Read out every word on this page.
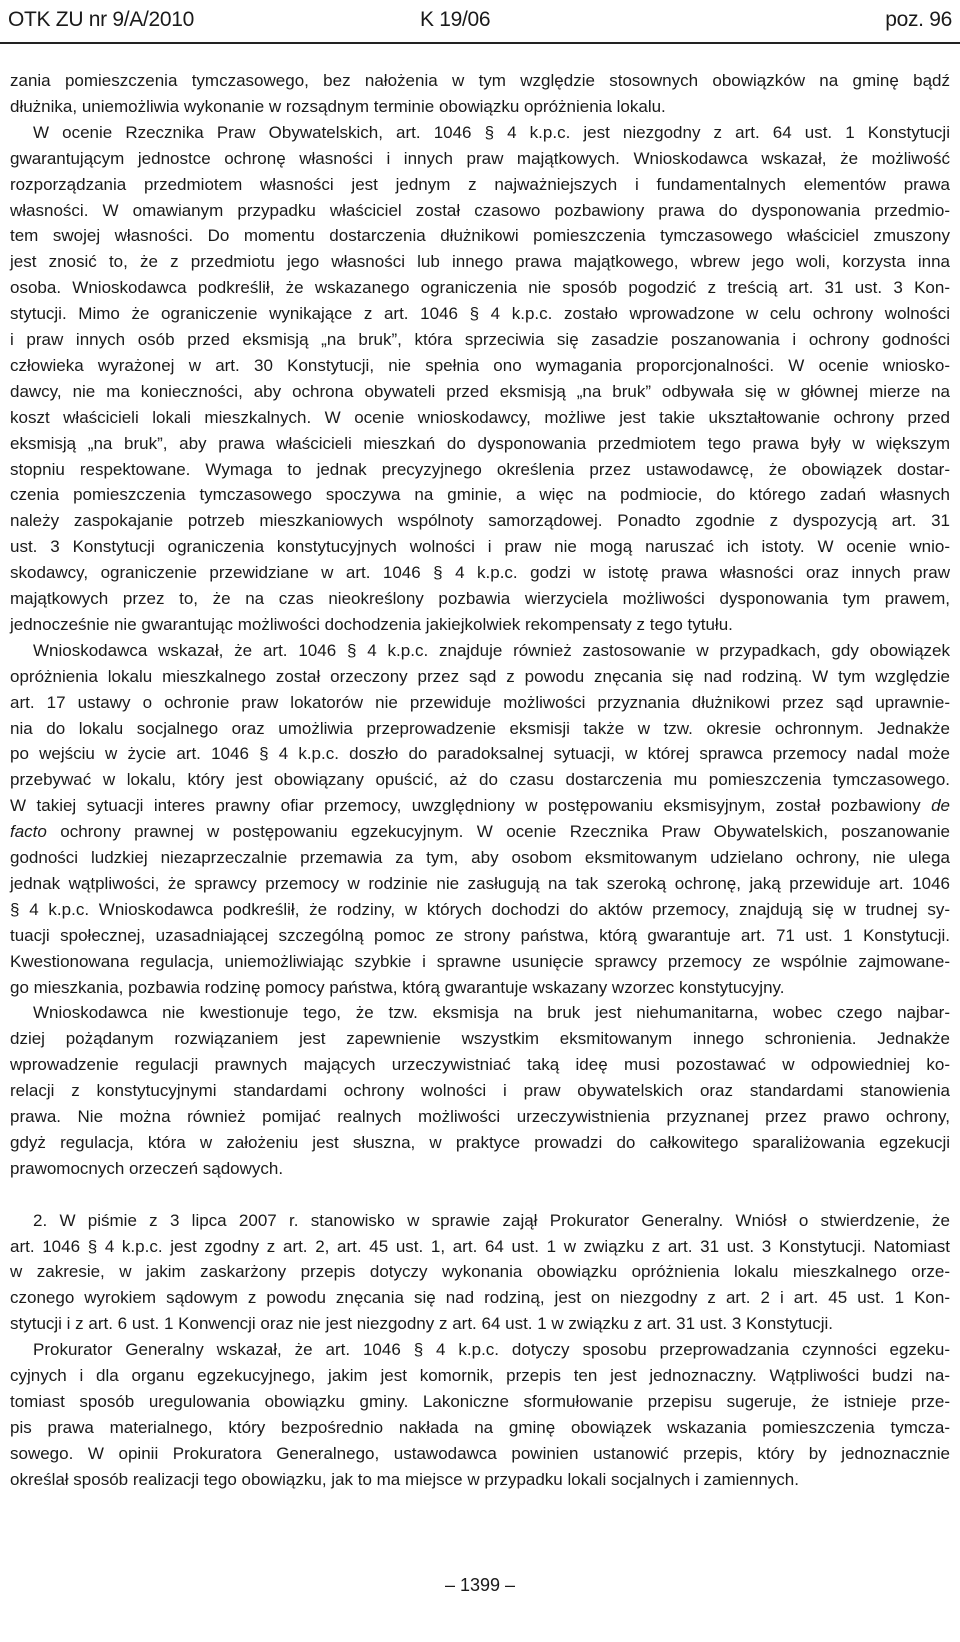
OTK ZU nr 9/A/2010	K 19/06	poz. 96
zania pomieszczenia tymczasowego, bez nałożenia w tym względzie stosownych obowiązków na gminę bądź
dłużnika, uniemożliwia wykonanie w rozsądnym terminie obowiązku opróżnienia lokalu.
W ocenie Rzecznika Praw Obywatelskich, art. 1046 § 4 k.p.c. jest niezgodny z art. 64 ust. 1 Konstytucji
gwarantującym jednostce ochronę własności i innych praw majątkowych. Wnioskodawca wskazał, że możliwość
rozporządzania przedmiotem własności jest jednym z najważniejszych i fundamentalnych elementów prawa
własności. W omawianym przypadku właściciel został czasowo pozbawiony prawa do dysponowania przedmio-
tem swojej własności. Do momentu dostarczenia dłużnikowi pomieszczenia tymczasowego właściciel zmuszony
jest znosić to, że z przedmiotu jego własności lub innego prawa majątkowego, wbrew jego woli, korzysta inna
osoba. Wnioskodawca podkreślił, że wskazanego ograniczenia nie sposób pogodzić z treścią art. 31 ust. 3 Kon-
stytucji. Mimo że ograniczenie wynikające z art. 1046 § 4 k.p.c. zostało wprowadzone w celu ochrony wolności
i praw innych osób przed eksmisją „na bruk”, która sprzeciwia się zasadzie poszanowania i ochrony godności
człowieka wyrażonej w art. 30 Konstytucji, nie spełnia ono wymagania proporcjonalności. W ocenie wniosko-
dawcy, nie ma konieczności, aby ochrona obywateli przed eksmisją „na bruk” odbywała się w głównej mierze na
koszt właścicieli lokali mieszkalnych. W ocenie wnioskodawcy, możliwe jest takie ukształtowanie ochrony przed
eksmisją „na bruk”, aby prawa właścicieli mieszkań do dysponowania przedmiotem tego prawa były w większym
stopniu respektowane. Wymaga to jednak precyzyjnego określenia przez ustawodawcę, że obowiązek dostar-
czenia pomieszczenia tymczasowego spoczywa na gminie, a więc na podmiocie, do którego zadań własnych
należy zaspokajanie potrzeb mieszkaniowych wspólnoty samorządowej. Ponadto zgodnie z dyspozycją art. 31
ust. 3 Konstytucji ograniczenia konstytucyjnych wolności i praw nie mogą naruszać ich istoty. W ocenie wnio-
skodawcy, ograniczenie przewidziane w art. 1046 § 4 k.p.c. godzi w istotę prawa własności oraz innych praw
majątkowych przez to, że na czas nieokreślony pozbawia wierzyciela możliwości dysponowania tym prawem,
jednocześnie nie gwarantując możliwości dochodzenia jakiejkolwiek rekompensaty z tego tytułu.
Wnioskodawca wskazał, że art. 1046 § 4 k.p.c. znajduje również zastosowanie w przypadkach, gdy obowiązek
opróżnienia lokalu mieszkalnego został orzeczony przez sąd z powodu znęcania się nad rodziną. W tym względzie
art. 17 ustawy o ochronie praw lokatorów nie przewiduje możliwości przyznania dłużnikowi przez sąd uprawnie-
nia do lokalu socjalnego oraz umożliwia przeprowadzenie eksmisji także w tzw. okresie ochronnym. Jednakże
po wejściu w życie art. 1046 § 4 k.p.c. doszło do paradoksalnej sytuacji, w której sprawca przemocy nadal może
przebywać w lokalu, który jest obowiązany opuścić, aż do czasu dostarczenia mu pomieszczenia tymczasowego.
W takiej sytuacji interes prawny ofiar przemocy, uwzględniony w postępowaniu eksmisyjnym, został pozbawiony de
facto ochrony prawnej w postępowaniu egzekucyjnym. W ocenie Rzecznika Praw Obywatelskich, poszanowanie
godności ludzkiej niezaprzeczalnie przemawia za tym, aby osobom eksmitowanym udzielano ochrony, nie ulega
jednak wątpliwości, że sprawcy przemocy w rodzinie nie zasługują na tak szeroką ochronę, jaką przewiduje art. 1046
§ 4 k.p.c. Wnioskodawca podkreślił, że rodziny, w których dochodzi do aktów przemocy, znajdują się w trudnej sy-
tuacji społecznej, uzasadniającej szczególną pomoc ze strony państwa, którą gwarantuje art. 71 ust. 1 Konstytucji.
Kwestionowana regulacja, uniemożliwiając szybkie i sprawne usunięcie sprawcy przemocy ze wspólnie zajmowane-
go mieszkania, pozbawia rodzinę pomocy państwa, którą gwarantuje wskazany wzorzec konstytucyjny.
Wnioskodawca nie kwestionuje tego, że tzw. eksmisja na bruk jest niehumanitarna, wobec czego najbar-
dziej pożądanym rozwiązaniem jest zapewnienie wszystkim eksmitowanym innego schronienia. Jednakże
wprowadzenie regulacji prawnych mających urzeczywistniać taką ideę musi pozostawać w odpowiedniej ko-
relacji z konstytucyjnymi standardami ochrony wolności i praw obywatelskich oraz standardami stanowienia
prawa. Nie można również pomijać realnych możliwości urzeczywistnienia przyznanej przez prawo ochrony,
gdyż regulacja, która w założeniu jest słuszna, w praktyce prowadzi do całkowitego sparaliżowania egzekucji
prawomocnych orzeczeń sądowych.
2. W piśmie z 3 lipca 2007 r. stanowisko w sprawie zajął Prokurator Generalny. Wniósł o stwierdzenie, że
art. 1046 § 4 k.p.c. jest zgodny z art. 2, art. 45 ust. 1, art. 64 ust. 1 w związku z art. 31 ust. 3 Konstytucji. Natomiast
w zakresie, w jakim zaskarżony przepis dotyczy wykonania obowiązku opróżnienia lokalu mieszkalnego orze-
czonego wyrokiem sądowym z powodu znęcania się nad rodziną, jest on niezgodny z art. 2 i art. 45 ust. 1 Kon-
stytucji i z art. 6 ust. 1 Konwencji oraz nie jest niezgodny z art. 64 ust. 1 w związku z art. 31 ust. 3 Konstytucji.
Prokurator Generalny wskazał, że art. 1046 § 4 k.p.c. dotyczy sposobu przeprowadzania czynności egzeku-
cyjnych i dla organu egzekucyjnego, jakim jest komornik, przepis ten jest jednoznaczny. Wątpliwości budzi na-
tomiast sposób uregulowania obowiązku gminy. Lakoniczne sformułowanie przepisu sugeruje, że istnieje prze-
pis prawa materialnego, który bezpośrednio nakłada na gminę obowiązek wskazania pomieszczenia tymcza-
sowego. W opinii Prokuratora Generalnego, ustawodawca powinien ustanowić przepis, który by jednoznacznie
określał sposób realizacji tego obowiązku, jak to ma miejsce w przypadku lokali socjalnych i zamiennych.
– 1399 –
